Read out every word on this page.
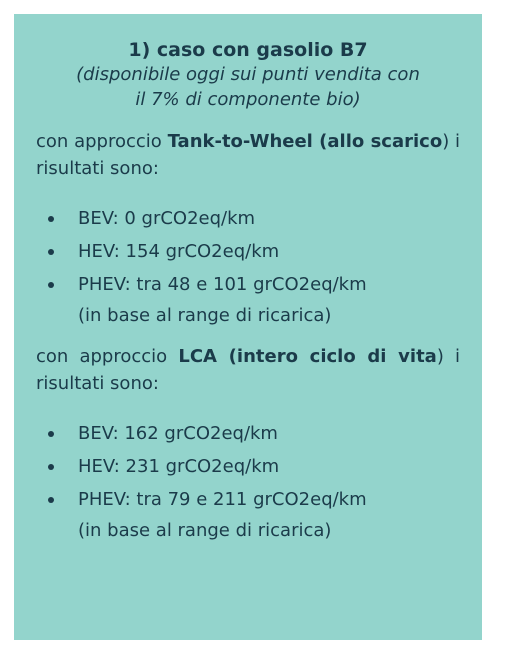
1) caso con gasolio B7

(disponibile oggi sui punti vendita con

il 7% di componente bio)

con approccio Tank-to-Wheel (allo scarico) i risultati sono:

BEV: 0 grCO2eq/km
HEV: 154 grCO2eq/km
PHEV: tra 48 e 101 grCO2eq/km
(in base al range di ricarica)

con approccio LCA (intero ciclo di vita) i risultati sono:

BEV: 162 grCO2eq/km
HEV: 231 grCO2eq/km
PHEV: tra 79 e 211 grCO2eq/km
(in base al range di ricarica)
